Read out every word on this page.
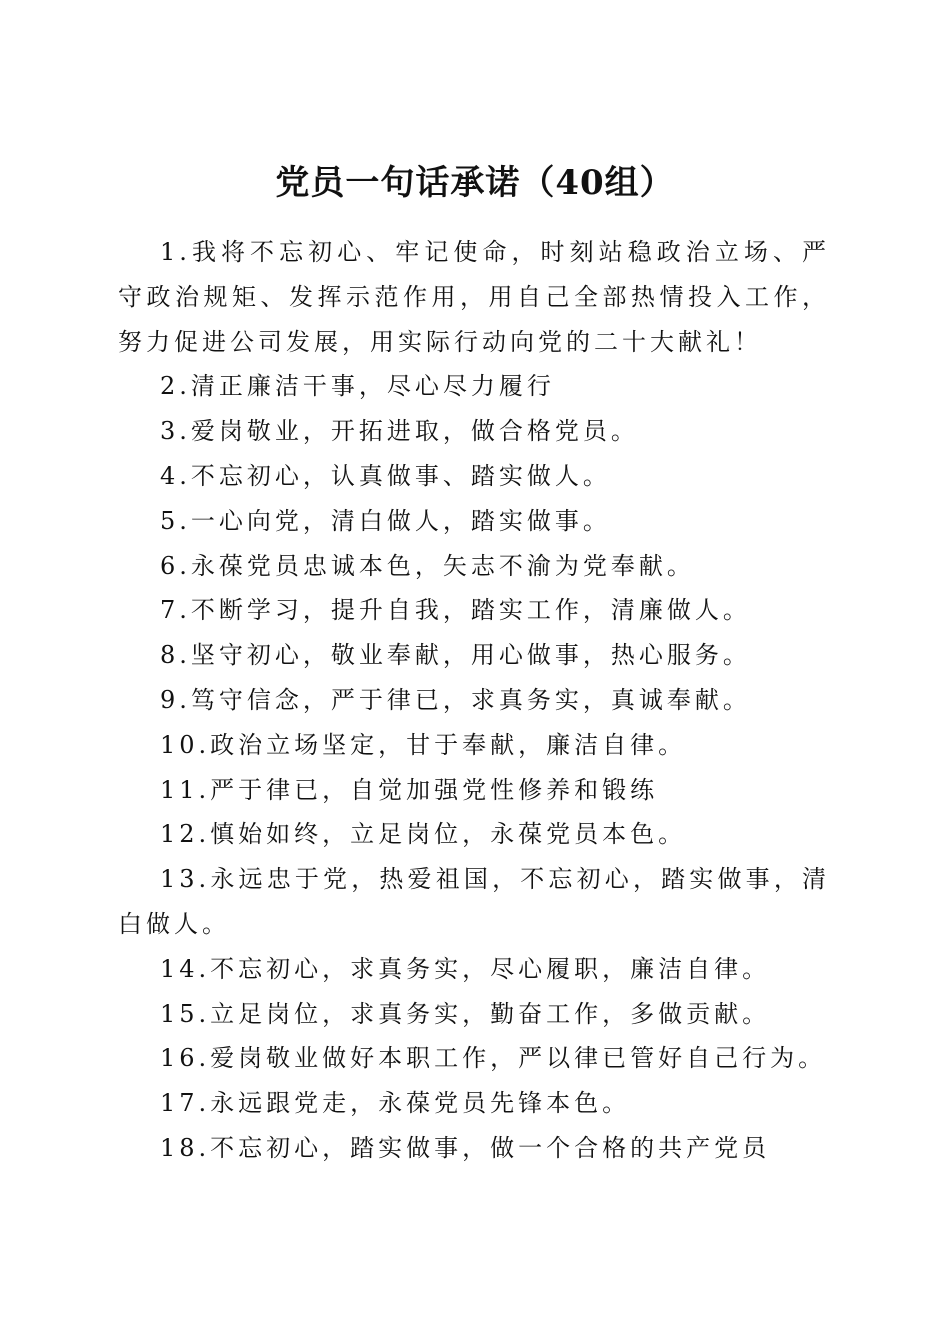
党员一句话承诺（40组）

1.我将不忘初心、牢记使命，时刻站稳政治立场、严守政治规矩、发挥示范作用，用自己全部热情投入工作，努力促进公司发展，用实际行动向党的二十大献礼！

2.清正廉洁干事，尽心尽力履行

3.爱岗敬业，开拓进取，做合格党员。

4.不忘初心，认真做事、踏实做人。

5.一心向党，清白做人，踏实做事。

6.永葆党员忠诚本色，矢志不渝为党奉献。

7.不断学习，提升自我，踏实工作，清廉做人。

8.坚守初心，敬业奉献，用心做事，热心服务。

9.笃守信念，严于律已，求真务实，真诚奉献。

10.政治立场坚定，甘于奉献，廉洁自律。

11.严于律已，自觉加强党性修养和锻练

12.慎始如终，立足岗位，永葆党员本色。

13.永远忠于党，热爱祖国，不忘初心，踏实做事，清白做人。

14.不忘初心，求真务实，尽心履职，廉洁自律。

15.立足岗位，求真务实，勤奋工作，多做贡献。

16.爱岗敬业做好本职工作，严以律已管好自己行为。

17.永远跟党走，永葆党员先锋本色。

18.不忘初心，踏实做事，做一个合格的共产党员
